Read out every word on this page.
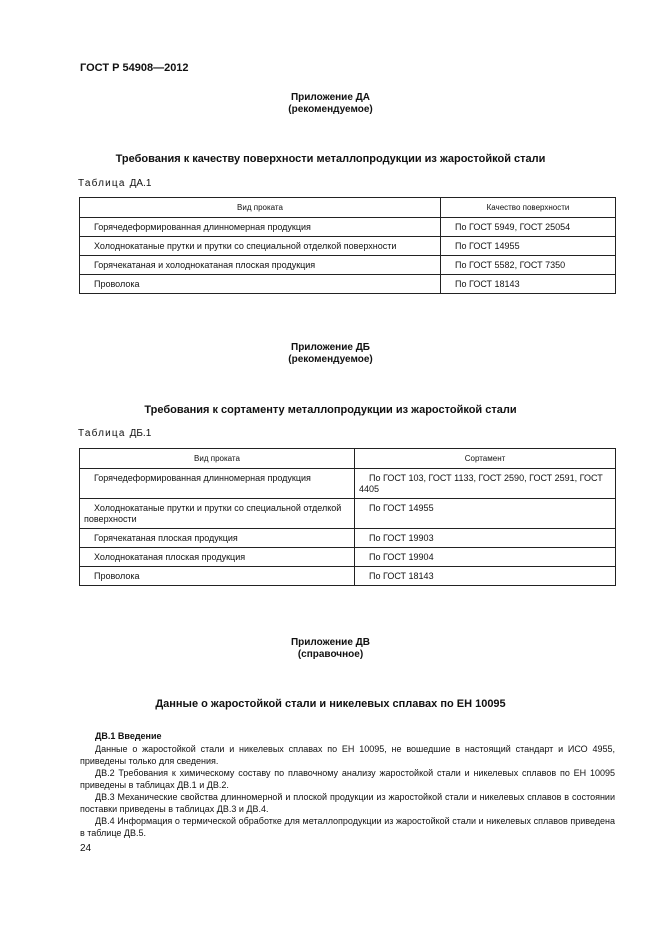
ГОСТ Р 54908—2012
Приложение ДА
(рекомендуемое)
Требования к качеству поверхности металлопродукции из жаростойкой стали
Таблица ДА.1
Вид проката	Качество поверхности
Горячедеформированная длинномерная продукция	По ГОСТ 5949, ГОСТ 25054
Холоднокатаные прутки и прутки со специальной отделкой поверхности	По ГОСТ 14955
Горячекатаная и холоднокатаная плоская продукция	По ГОСТ 5582, ГОСТ 7350
Проволока	По ГОСТ 18143
Приложение ДБ
(рекомендуемое)
Требования к сортаменту металлопродукции из жаростойкой стали
Таблица ДБ.1
Вид проката	Сортамент
Горячедеформированная длинномерная продукция	По ГОСТ 103, ГОСТ 1133, ГОСТ 2590, ГОСТ 2591, ГОСТ 4405
Холоднокатаные прутки и прутки со специальной отделкой поверхности	По ГОСТ 14955
Горячекатаная плоская продукция	По ГОСТ 19903
Холоднокатаная плоская продукция	По ГОСТ 19904
Проволока	По ГОСТ 18143
Приложение ДВ
(справочное)
Данные о жаростойкой стали и никелевых сплавах по ЕН 10095
ДВ.1 Введение
Данные о жаростойкой стали и никелевых сплавах по ЕН 10095, не вошедшие в настоящий стандарт и ИСО 4955, приведены только для сведения.
ДВ.2 Требования к химическому составу по плавочному анализу жаростойкой стали и никелевых сплавов по ЕН 10095 приведены в таблицах ДВ.1 и ДВ.2.
ДВ.3 Механические свойства длинномерной и плоской продукции из жаростойкой стали и никелевых сплавов в состоянии поставки приведены в таблицах ДВ.3 и ДВ.4.
ДВ.4 Информация о термической обработке для металлопродукции из жаростойкой стали и никелевых сплавов приведена в таблице ДВ.5.
24
